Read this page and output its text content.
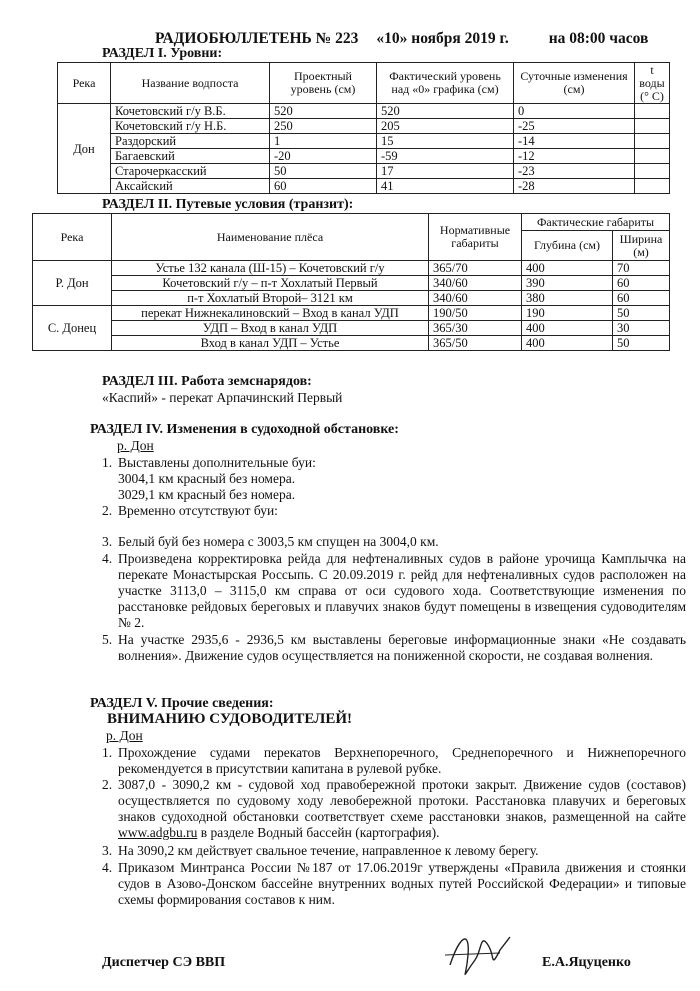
РАДИОБЮЛЛЕТЕНЬ № 223 «10» ноября 2019 г.	на 08:00 часов
РАЗДЕЛ I. Уровни:
Река	Название водпоста	Проектный уровень (см)	Фактический уровень над «0» графика (см)	Суточные изменения (см)	t воды (° С)
Дон	Кочетовский г/у В.Б.	520	520	0	
	Кочетовский г/у Н.Б.	250	205	-25	
	Раздорский	1	15	-14	
	Багаевский	-20	-59	-12	
	Старочеркасский	50	17	-23	
	Аксайский	60	41	-28	
РАЗДЕЛ II. Путевые условия (транзит):
Река	Наименование плёса	Нормативные габариты	Фактические габариты	
			Глубина (см)	Ширина (м)
Р. Дон	Устье 132 канала (Ш-15) – Кочетовский г/у	365/70	400	70
	Кочетовский г/у – п-т Хохлатый Первый	340/60	390	60
	п-т Хохлатый Второй– 3121 км	340/60	380	60
С. Донец	перекат Нижнекалиновский – Вход в канал УДП	190/50	190	50
	УДП – Вход в канал УДП	365/30	400	30
	Вход в канал УДП – Устье	365/50	400	50
РАЗДЕЛ III. Работа земснарядов:
«Каспий» - перекат Арпачинский Первый
РАЗДЕЛ IV. Изменения в судоходной обстановке:
р. Дон
1. Выставлены дополнительные буи:
3004,1 км красный без номера.
3029,1 км красный без номера.
2. Временно отсутствуют буи:
3. Белый буй без номера с 3003,5 км спущен на 3004,0 км.
4. Произведена корректировка рейда для нефтеналивных судов в районе урочища Камплычка на перекате Монастырская Россыпь. С 20.09.2019 г. рейд для нефтеналивных судов расположен на участке 3113,0 – 3115,0 км справа от оси судового хода. Соответствующие изменения по расстановке рейдовых береговых и плавучих знаков будут помещены в извещения судоводителям № 2.
5. На участке 2935,6 - 2936,5 км выставлены береговые информационные знаки «Не создавать волнения». Движение судов осуществляется на пониженной скорости, не создавая волнения.
РАЗДЕЛ V. Прочие сведения:
ВНИМАНИЮ СУДОВОДИТЕЛЕЙ!
р. Дон
1. Прохождение судами перекатов Верхнепоречного, Среднепоречного и Нижнепоречного рекомендуется в присутствии капитана в рулевой рубке.
2. 3087,0 - 3090,2 км - судовой ход правобережной протоки закрыт. Движение судов (составов) осуществляется по судовому ходу левобережной протоки. Расстановка плавучих и береговых знаков судоходной обстановки соответствует схеме расстановки знаков, размещенной на сайте www.adgbu.ru в разделе Водный бассейн (картография).
3. На 3090,2 км действует свальное течение, направленное к левому берегу.
4. Приказом Минтранса России №187 от 17.06.2019г утверждены «Правила движения и стоянки судов в Азово-Донском бассейне внутренних водных путей Российской Федерации» и типовые схемы формирования составов к ним.
Диспетчер СЭ ВВП	Е.А.Яцуценко
